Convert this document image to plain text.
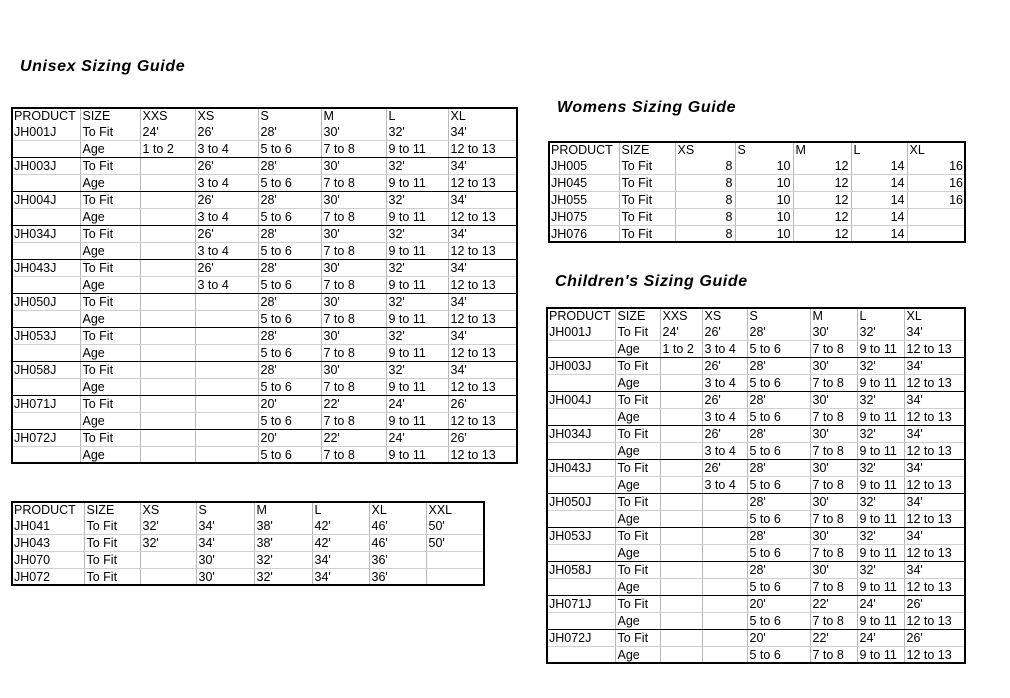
Unisex Sizing Guide
Womens Sizing Guide
Children's Sizing Guide
PRODUCT	SIZE	XXS	XS	S	M	L	XL
JH001J	To Fit	24'	26'	28'	30'	32'	34'
	Age	1 to 2	3 to 4	5 to 6	7 to 8	9 to 11	12 to 13
JH003J	To Fit		26'	28'	30'	32'	34'
	Age		3 to 4	5 to 6	7 to 8	9 to 11	12 to 13
JH004J	To Fit		26'	28'	30'	32'	34'
	Age		3 to 4	5 to 6	7 to 8	9 to 11	12 to 13
JH034J	To Fit		26'	28'	30'	32'	34'
	Age		3 to 4	5 to 6	7 to 8	9 to 11	12 to 13
JH043J	To Fit		26'	28'	30'	32'	34'
	Age		3 to 4	5 to 6	7 to 8	9 to 11	12 to 13
JH050J	To Fit			28'	30'	32'	34'
	Age			5 to 6	7 to 8	9 to 11	12 to 13
JH053J	To Fit			28'	30'	32'	34'
	Age			5 to 6	7 to 8	9 to 11	12 to 13
JH058J	To Fit			28'	30'	32'	34'
	Age			5 to 6	7 to 8	9 to 11	12 to 13
JH071J	To Fit			20'	22'	24'	26'
	Age			5 to 6	7 to 8	9 to 11	12 to 13
JH072J	To Fit			20'	22'	24'	26'
	Age			5 to 6	7 to 8	9 to 11	12 to 13
PRODUCT	SIZE	XS	S	M	L	XL	XXL
JH041	To Fit	32'	34'	38'	42'	46'	50'
JH043	To Fit	32'	34'	38'	42'	46'	50'
JH070	To Fit		30'	32'	34'	36'	
JH072	To Fit		30'	32'	34'	36'	
PRODUCT	SIZE	XS	S	M	L	XL
JH005	To Fit	8	10	12	14	16
JH045	To Fit	8	10	12	14	16
JH055	To Fit	8	10	12	14	16
JH075	To Fit	8	10	12	14	
JH076	To Fit	8	10	12	14	
PRODUCT	SIZE	XXS	XS	S	M	L	XL
JH001J	To Fit	24'	26'	28'	30'	32'	34'
	Age	1 to 2	3 to 4	5 to 6	7 to 8	9 to 11	12 to 13
JH003J	To Fit		26'	28'	30'	32'	34'
	Age		3 to 4	5 to 6	7 to 8	9 to 11	12 to 13
JH004J	To Fit		26'	28'	30'	32'	34'
	Age		3 to 4	5 to 6	7 to 8	9 to 11	12 to 13
JH034J	To Fit		26'	28'	30'	32'	34'
	Age		3 to 4	5 to 6	7 to 8	9 to 11	12 to 13
JH043J	To Fit		26'	28'	30'	32'	34'
	Age		3 to 4	5 to 6	7 to 8	9 to 11	12 to 13
JH050J	To Fit			28'	30'	32'	34'
	Age			5 to 6	7 to 8	9 to 11	12 to 13
JH053J	To Fit			28'	30'	32'	34'
	Age			5 to 6	7 to 8	9 to 11	12 to 13
JH058J	To Fit			28'	30'	32'	34'
	Age			5 to 6	7 to 8	9 to 11	12 to 13
JH071J	To Fit			20'	22'	24'	26'
	Age			5 to 6	7 to 8	9 to 11	12 to 13
JH072J	To Fit			20'	22'	24'	26'
	Age			5 to 6	7 to 8	9 to 11	12 to 13
